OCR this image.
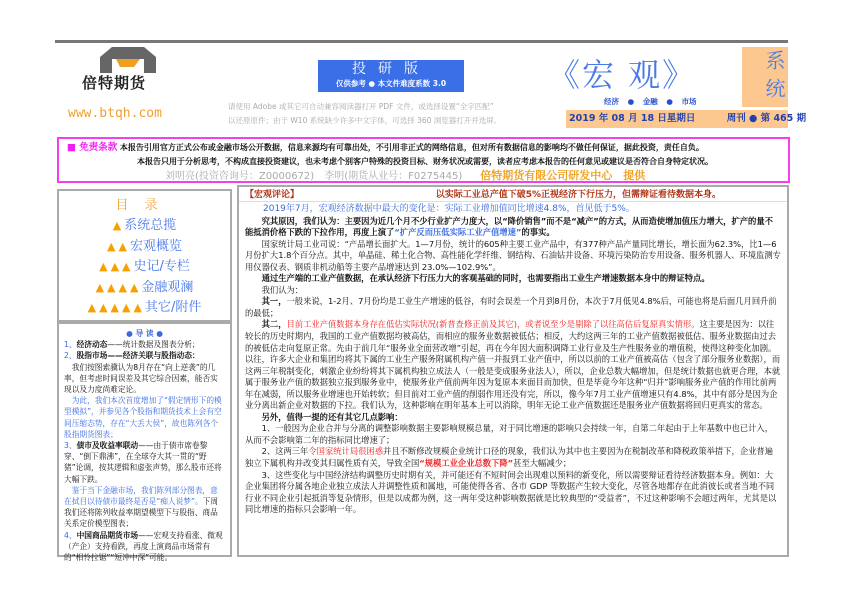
倍特期货
www.btqh.com
投研版
仅供参考 ● 本文件难度系数 3.0
请使用 Adobe 或其它可自动兼容阅读器打开 PDF 文件，或选择设置“全字匹配”
以还原原件；由于 W10 系统缺少许多中文字体，可选择 360 浏览器打开并选屏。
《宏 观》
经济 ● 金融 ● 市场	系统
2019 年 08 月 18 日星期日	周刊 ● 第 465 期
■ 免责条款 本报告引用官方正式公布或金融市场公开数据，信息来源均有可靠出处，不引用非正式的网络信息，但对所有数据信息的影响均不做任何保证，据此投资，责任自负。
本报告只用于分析思考，不构成直接投资建议，也未考虑个别客户特殊的投资目标、财务状况或需要，读者应考虑本报告的任何意见或建议是否符合自身特定状况。
刘明亮(投资咨询号：Z0000672)　李明(期货从业号：F0275445) 倍特期货有限公司研发中心　提供
目录
▲系统总揽
▲▲宏观概览
▲▲▲史记/专栏
▲▲▲▲金融观澜
▲▲▲▲▲其它/附件
● 导 读 ●
1、经济动态——统计数据及图表分析；
2、股指市场——经济关联与股指动态：
我们按图索骥认为8月存在“向上逆袭”的几率，但考虑时间误差及其它综合因素，能否实现以及力度尚难定论。
为此，我们本次首度增加了“假定情形下的模型模拟”，并参见各个股指和期货技术上会有空间压缩态势，存在“大丢大侯”，故也陈列各个股指期货图表；
3、债市及收益率联动——由于债市席卷黎穿、“倒下鼎沸”，在全球夺大其一贯的“野猪”论调，按其逻辑和虚张声势，那么股市还将大幅下跌。
鉴于当下金融市场，我们陈列部分图表，意在拭目以待债市最终是否是“痴人说梦”。下周我们还将陈列收益率期望模型下与股指、商品关系定价模型图表；
4、中国商品期货市场——宏观支持看涨、微观（产企）支持看跌，再度上演商品市场常有的“相怜拉锯”“短冲中深”可能。
【宏观评论】	以实际工业总产值下破5%正视经济下行压力，但需辩证看待数据本身。

2019年7月，宏观经济数据中最大的变化是：实际工业增加值同比增速4.8%，首见低于5%。

究其原因，我们认为：主要因为近几个月不少行业扩产力度大，以“降价销售”而不是“减产”的方式，从而造使增加值压力增大，扩产的量不能抵消价格下跌的下拉作用，再度上演了“扩产反而压低实际工业产值增速”的事实。

国家统计局工业司说：“产品增长面扩大。1—7月份，统计的605种主要工业产品中，有377种产品产量同比增长，增长面为62.3%，比1—6月份扩大1.8个百分点。其中，单晶硅、稀土化合物、高性能化学纤维、钢结构、石油钻井设备、环境污染防治专用设备、服务机器人、环境监测专用仪器仪表、钢质非机动船等主要产品增速达到 23.0%—102.9%”。

通过生产端的工业产值数据，在承认经济下行压力大的客观基础的同时，也需要指出工业生产增速数据本身中的辩证特点。

我们认为：

其一，一般来说，1-2月、7月份均是工业生产增速的低谷，有时会误差一个月到8月份，本次于7月低见4.8%后，可能也将是后面几月回升前的最低；

其二，目前工业产值数据本身存在低估实际状况(新普查修正前及其它)，或者说至少是剔除了以往高估后复原真实情形。这主要是因为：以往较长的历史时期内，我国的工业产值数据均被高估，而相应的服务业数据被低估；相反，大约这两三年的工业产值数据被低估、服务业数据由过去的被低估走向复原正常。先由于前几年“服务业全面营改增”引起，再在今年因大面积调降工业行业及生产性服务业的增值税，使得这种变化加剧。以往，许多大企业和集团均将其下属的工业生产服务附属机构产值一并报到工业产值中，所以以前的工业产值被高估（包含了部分服务业数据），而这两三年税制变化，刺激企业纷纷将其下属机构独立成法人（一般是变成服务业法人），所以，企业总数大幅增加，但是统计数据也就更合理，本就属于服务业产值的数据独立报到服务业中，使服务业产值前两年因为复原本来面目而加快，但是毕竟今年这种“归并”影响服务业产值的作用比前两年在减弱，所以服务业增速也开始转软；但目前对工业产值的削弱作用还没有完，所以，像今年7月工业产值增速只有4.8%，其中有部分是因为企业分离出新企业对数据的下拉。我们认为，这种影响在明年基本上可以消除，明年无论工业产值数据还是服务业产值数据将回归更真实的常态。

另外，值得一提的还有其它几点影响：

1、一般因为企业合并与分离的调整影响数据主要影响规模总量，对于同比增速的影响只会持续一年，自第二年起由于上年基数中也已计入，从而不会影响第二年的指标同比增速了；

2、这两三年令国家统计局很困惑并且不断修改规模企业统计口径的现象，我们认为其中也主要因为在税制改革和降税政策举措下，企业普遍独立下属机构并改变其归属性质有关，导致全国“规模工业企业总数下降”甚至大幅减少；

3、这些变化与中国经济结构调整历史时期有关，并可能还有不短时间会出现难以预料的新变化，所以需要辩证看待经济数据本身。例如：大企业集团将分属各地企业独立成法人并调整性质和属地，可能使得各省、各市 GDP 等数据产生较大变化，尽管各地都存在此消彼长或者当地不同行业不同企业引起抵消等复杂情形，但是以成都为例，这一两年受这种影响数据就是比较典型的“受益者”，不过这种影响不会超过两年，尤其是以同比增速的指标只会影响一年。
